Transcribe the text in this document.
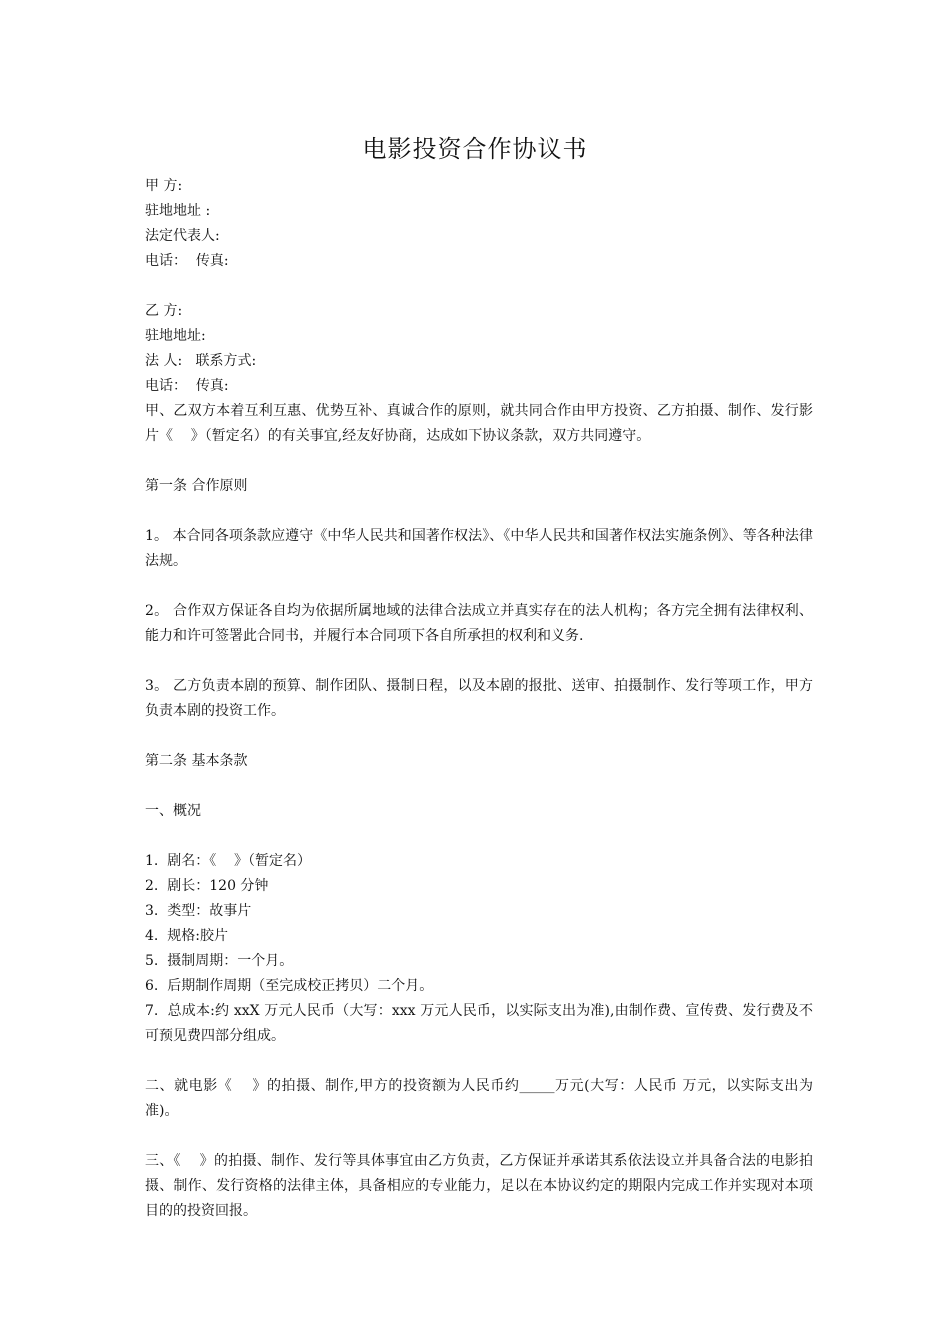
电影投资合作协议书

甲 方:

驻地地址 :

法定代表人:

电话：  传真:

乙 方:

驻地地址:

法 人:   联系方式:

电话：  传真:

甲、乙双方本着互利互惠、优势互补、真诚合作的原则，就共同合作由甲方投资、乙方拍摄、制作、发行影片《    》（暂定名）的有关事宜,经友好协商，达成如下协议条款，双方共同遵守。

第一条 合作原则

1。 本合同各项条款应遵守《中华人民共和国著作权法》、《中华人民共和国著作权法实施条例》、等各种法律法规。

2。 合作双方保证各自均为依据所属地域的法律合法成立并真实存在的法人机构；各方完全拥有法律权利、能力和许可签署此合同书，并履行本合同项下各自所承担的权利和义务.

3。 乙方负责本剧的预算、制作团队、摄制日程，以及本剧的报批、送审、拍摄制作、发行等项工作，甲方负责本剧的投资工作。

第二条 基本条款

一、概况

1.  剧名：《    》（暂定名）

2.  剧长：120 分钟

3.  类型：故事片

4.  规格:胶片

5.  摄制周期：一个月。

6.  后期制作周期（至完成校正拷贝）二个月。

7.  总成本:约 xxX 万元人民币（大写：xxx 万元人民币，以实际支出为准),由制作费、宣传费、发行费及不可预见费四部分组成。

二、就电影《    》的拍摄、制作,甲方的投资额为人民币约_____万元(大写：人民币 万元，以实际支出为准)。

三、《    》的拍摄、制作、发行等具体事宜由乙方负责，乙方保证并承诺其系依法设立并具备合法的电影拍摄、制作、发行资格的法律主体，具备相应的专业能力，足以在本协议约定的期限内完成工作并实现对本项目的的投资回报。
